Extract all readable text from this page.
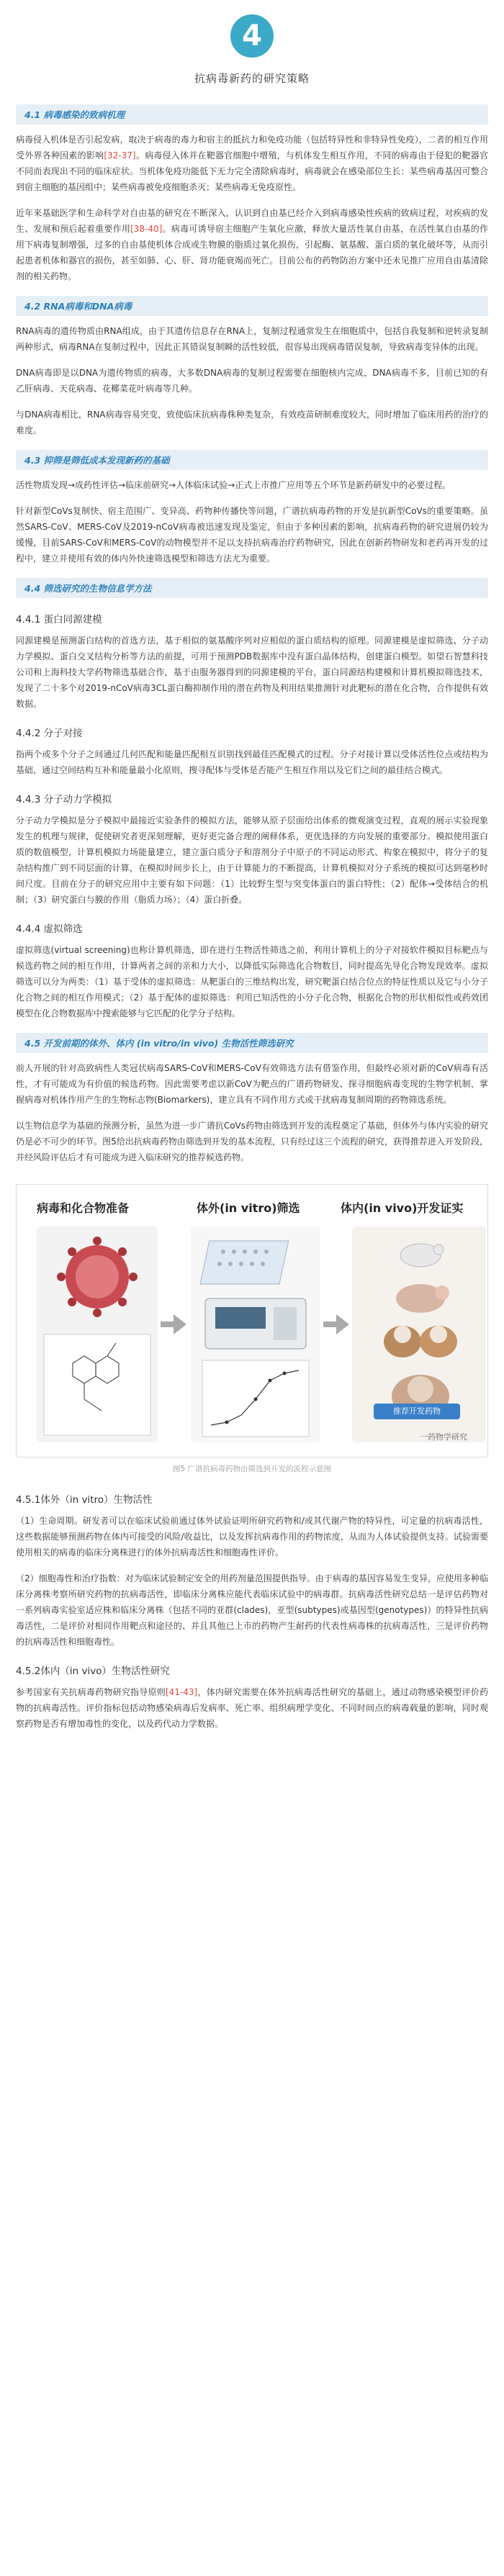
4
抗病毒新药的研究策略
4.1 病毒感染的致病机理

病毒侵入机体是否引起发病，取决于病毒的毒力和宿主的抵抗力和免疫功能（包括特异性和非特异性免疫），二者的相互作用受外界各种因素的影响[32-37]。病毒侵入体并在靶器官细胞中增殖，与机体发生相互作用，不同的病毒由于侵犯的靶器官不同而表现出不同的临床症状。当机体免疫功能低下无力完全清除病毒时，病毒就会在感染部位生长：某些病毒基因可整合到宿主细胞的基因组中；某些病毒被免疫细胞杀灭；某些病毒无免疫原性。

近年来基础医学和生命科学对自由基的研究在不断深入，认识到自由基已经介入到病毒感染性疾病的致病过程，对疾病的发生、发展和预后起着重要作用[38-40]。病毒可诱导宿主细胞产生氧化应激，释放大量活性氧自由基，在活性氧自由基的作用下病毒复制增强，过多的自由基使机体合成或生物膜的脂质过氧化损伤，引起酶、氨基酸、蛋白质的氧化破坏等，从而引起患者机体和器官的损伤，甚至如肺、心、肝、肾功能衰竭而死亡。目前公布的药物防治方案中还未见推广应用自由基清除剂的相关药物。

4.2 RNA病毒和DNA病毒

RNA病毒的遗传物质由RNA组成，由于其遗传信息存在RNA上，复制过程通常发生在细胞质中，包括自我复制和逆转录复制两种形式，病毒RNA在复制过程中，因此正其错误复制瞬的活性较低，很容易出现病毒错误复制，导致病毒变异体的出现。

DNA病毒即是以DNA为遗传物质的病毒，大多数DNA病毒的复制过程需要在细胞核内完成，DNA病毒不多，目前已知的有乙肝病毒、天花病毒、花椰菜花叶病毒等几种。

与DNA病毒相比，RNA病毒容易突变，致使临床抗病毒株种类复杂，有效疫苗研制难度较大，同时增加了临床用药的治疗的难度。

4.3 抑筛是筛低成本发现新药的基础

活性物质发现→成药性评估→临床前研究→人体临床试验→正式上市推广应用等五个环节是新药研发中的必要过程。

针对新型CoVs复制快、宿主范围广、变异高、药物种传播快等问题，广谱抗病毒药物的开发是抗新型CoVs的重要策略。虽然SARS-CoV、MERS-CoV及2019-nCoV病毒被迅速发现及鉴定，但由于多种因素的影响，抗病毒药物的研究进展仍较为缓慢，目前SARS-CoV和MERS-CoV的动物模型并不足以支持抗病毒治疗药物研究，因此在创新药物研发和老药再开发的过程中，建立并使用有效的体内外快速筛选模型和筛选方法尤为重要。

4.4 筛选研究的生物信息学方法
4.4.1 蛋白同源建模

同源建模是预测蛋白结构的首选方法，基于相似的氨基酸序列对应相似的蛋白质结构的原理。同源建模是虚拟筛选、分子动力学模拟、蛋白交叉结构分析等方法的前提，可用于预测PDB数据库中没有蛋白晶体结构，创建蛋白模型。如望石智慧科技公司和上海科技大学药物筛选基础合作，基于由服务器得到的同源建模的平台，蛋白同源结构建模和计算机模拟筛选技术，发现了二十多个对2019-nCoV病毒3CL蛋白酶抑制作用的潜在药物及利用结果推测针对此靶标的潜在化合物，合作提供有效数据。

4.4.2 分子对接

指两个或多个分子之间通过几何匹配和能量匹配相互识别找到最佳匹配模式的过程。分子对接计算以受体活性位点或结构为基础，通过空间结构互补和能量最小化原则，搜寻配体与受体是否能产生相互作用以及它们之间的最佳结合模式。

4.4.3 分子动力学模拟

分子动力学模拟是分子模拟中最接近实验条件的模拟方法，能够从原子层面给出体系的微观演变过程，直观的展示实验现象发生的机理与规律，促使研究者更深刻理解，更好更完备合理的阐释体系，更优选择的方向发展的重要部分。模拟使用蛋白质的数值模型，计算机模拟力场能量建立，建立蛋白质分子和溶剂分子中原子的不同运动形式、构象在模拟中，将分子的复杂结构推广到不同层面的计算，在模拟时间步长上，由于计算能力的不断提高，计算机模拟对分子系统的模拟可达到毫秒时间尺度。目前在分子的研究应用中主要有如下问题：（1）比较野生型与突变体蛋白的蛋白特性；（2）配体→受体结合的机制；（3）研究蛋白与膜的作用（脂质力场）；（4）蛋白折叠。

4.4.4 虚拟筛选

虚拟筛选(virtual screening)也称计算机筛选，即在进行生物活性筛选之前，利用计算机上的分子对接软件模拟目标靶点与候选药物之间的相互作用，计算两者之间的亲和力大小，以降低实际筛选化合物数目，同时提高先导化合物发现效率。虚拟筛选可以分为两类：（1）基于受体的虚拟筛选：从靶蛋白的三维结构出发，研究靶蛋白结合位点的特征性质以及它与小分子化合物之间的相互作用模式；（2）基于配体的虚拟筛选：利用已知活性的小分子化合物，根据化合物的形状相似性或药效团模型在化合物数据库中搜索能够与它匹配的化学分子结构。

4.5 开发前期的体外、体内 (in vitro/in vivo) 生物活性筛选研究

前人开展的针对高致病性人类冠状病毒SARS-CoV和MERS-CoV有效筛选方法有借鉴作用，但最终必须对新的CoV病毒有活性，才有可能成为有价值的候选药物。因此需要考虑以新CoV为靶点的广谱药物研发、探寻细胞病毒变现的生物学机制，掌握病毒对机体作用产生的生物标志物(Biomarkers)，建立具有不同作用方式或干扰病毒复制周期的药物筛选系统。

以生物信息学为基础的预测分析，虽然为进一步广谱抗CoVs药物由筛选到开发的流程奠定了基础，但体外与体内实验的研究仍是必不可少的环节。图5给出抗病毒药物由筛选到开发的基本流程，只有经过这三个流程的研究，获得推荐进入开发阶段，并经风险评估后才有可能成为进入临床研究的推荐候选药物。

病毒和化合物准备	体外(in vitro)筛选	体内(in vivo)开发证实
推荐开发药物
一药物学研究
图5 广谱抗病毒药物由筛选到开发的流程示意图
4.5.1体外（in vitro）生物活性

（1）生命周期。研发者可以在临床试验前通过体外试验证明所研究药物和/或其代谢产物的特异性，可定量的抗病毒活性，这些数据能够预测药物在体内可接受的风险/收益比，以及发挥抗病毒作用的药物浓度，从而为人体试验提供支持。试验需要使用相关的病毒的临床分离株进行的体外抗病毒活性和细胞毒性评价。

（2）细胞毒性和治疗指数：对为临床试验制定安全的用药剂量范围提供指导。由于病毒的基因容易发生变异，应使用多种临床分离株考察所研究药物的抗病毒活性，即临床分离株应能代表临床试验中的病毒群。抗病毒活性研究总结一是评估药物对一系列病毒实验室适应株和临床分离株（包括不同的亚群(clades)，亚型(subtypes)或基因型(genotypes)）的特异性抗病毒活性，二是评价对相同作用靶点和途径的、并且其他已上市的药物产生耐药的代表性病毒株的抗病毒活性，三是评价药物的抗病毒活性和细胞毒性。

4.5.2体内（in vivo）生物活性研究

参考国家有关抗病毒药物研究指导原则[41-43]，体内研究需要在体外抗病毒活性研究的基础上，通过动物感染模型评价药物的抗病毒活性。评价指标包括动物感染病毒后发病率、死亡率、组织病理学变化、不同时间点的病毒载量的影响，同时观察药物是否有增加毒性的变化，以及药代动力学数据。
